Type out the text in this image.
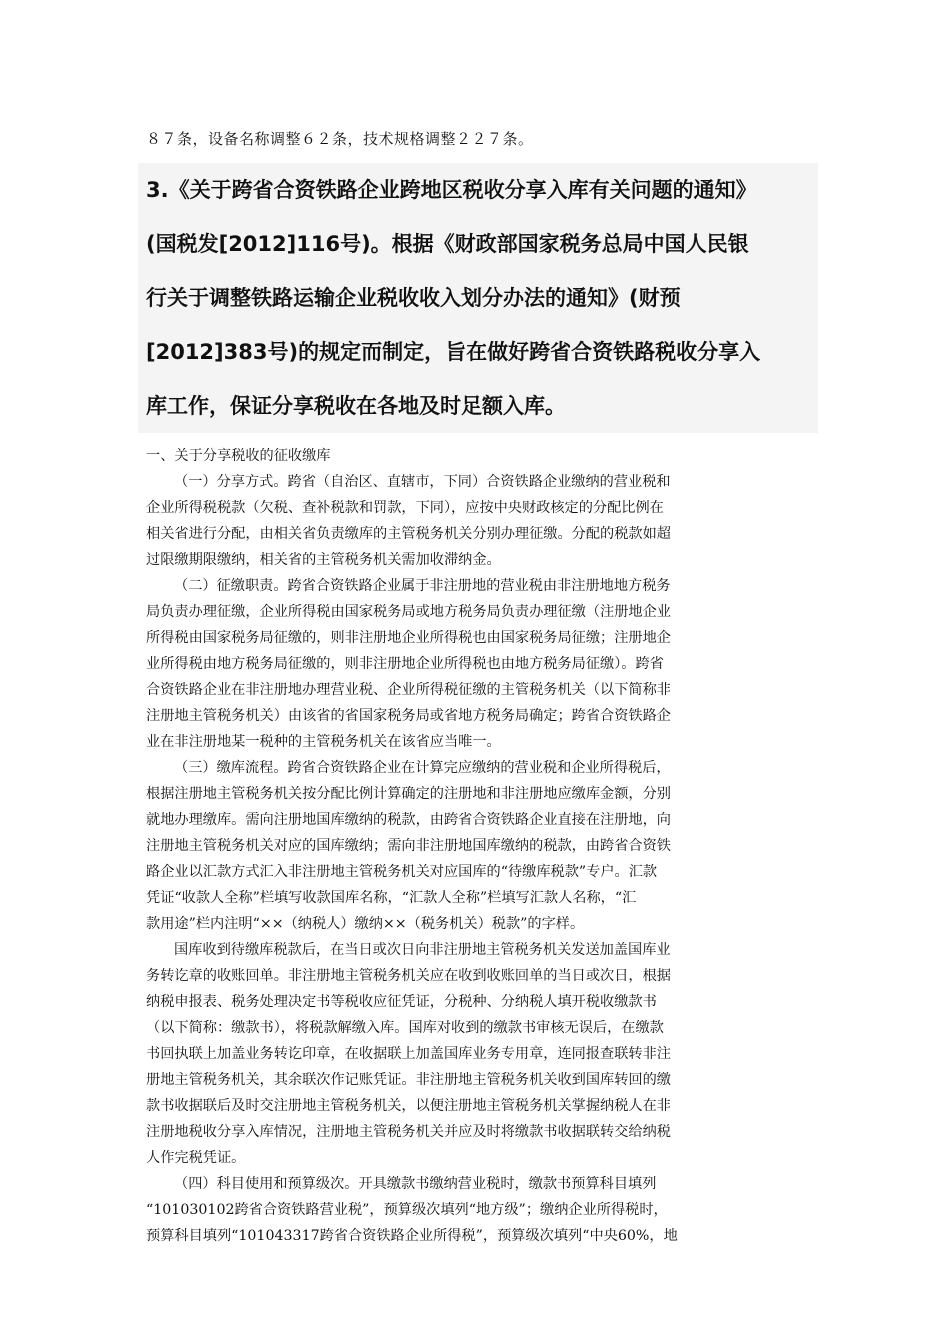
８７条，设备名称调整６２条，技术规格调整２２７条。
3.《关于跨省合资铁路企业跨地区税收分享入库有关问题的通知》
(国税发[2012]116号)。根据《财政部国家税务总局中国人民银
行关于调整铁路运输企业税收收入划分办法的通知》(财预
[2012]383号)的规定而制定，旨在做好跨省合资铁路税收分享入
库工作，保证分享税收在各地及时足额入库。
一、关于分享税收的征收缴库
（一）分享方式。跨省（自治区、直辖市，下同）合资铁路企业缴纳的营业税和
企业所得税税款（欠税、查补税款和罚款，下同），应按中央财政核定的分配比例在
相关省进行分配，由相关省负责缴库的主管税务机关分别办理征缴。分配的税款如超
过限缴期限缴纳，相关省的主管税务机关需加收滞纳金。
（二）征缴职责。跨省合资铁路企业属于非注册地的营业税由非注册地地方税务
局负责办理征缴，企业所得税由国家税务局或地方税务局负责办理征缴（注册地企业
所得税由国家税务局征缴的，则非注册地企业所得税也由国家税务局征缴；注册地企
业所得税由地方税务局征缴的，则非注册地企业所得税也由地方税务局征缴）。跨省
合资铁路企业在非注册地办理营业税、企业所得税征缴的主管税务机关（以下简称非
注册地主管税务机关）由该省的省国家税务局或省地方税务局确定；跨省合资铁路企
业在非注册地某一税种的主管税务机关在该省应当唯一。
（三）缴库流程。跨省合资铁路企业在计算完应缴纳的营业税和企业所得税后，
根据注册地主管税务机关按分配比例计算确定的注册地和非注册地应缴库金额，分别
就地办理缴库。需向注册地国库缴纳的税款，由跨省合资铁路企业直接在注册地，向
注册地主管税务机关对应的国库缴纳；需向非注册地国库缴纳的税款，由跨省合资铁
路企业以汇款方式汇入非注册地主管税务机关对应国库的“待缴库税款”专户。汇款
凭证“收款人全称”栏填写收款国库名称，“汇款人全称”栏填写汇款人名称，“汇
款用途”栏内注明“××（纳税人）缴纳××（税务机关）税款”的字样。
国库收到待缴库税款后，在当日或次日向非注册地主管税务机关发送加盖国库业
务转讫章的收账回单。非注册地主管税务机关应在收到收账回单的当日或次日，根据
纳税申报表、税务处理决定书等税收应征凭证，分税种、分纳税人填开税收缴款书
（以下简称：缴款书），将税款解缴入库。国库对收到的缴款书审核无误后，在缴款
书回执联上加盖业务转讫印章，在收据联上加盖国库业务专用章，连同报查联转非注
册地主管税务机关，其余联次作记账凭证。非注册地主管税务机关收到国库转回的缴
款书收据联后及时交注册地主管税务机关，以便注册地主管税务机关掌握纳税人在非
注册地税收分享入库情况，注册地主管税务机关并应及时将缴款书收据联转交给纳税
人作完税凭证。
（四）科目使用和预算级次。开具缴款书缴纳营业税时，缴款书预算科目填列
“101030102跨省合资铁路营业税”，预算级次填列“地方级”；缴纳企业所得税时，
预算科目填列“101043317跨省合资铁路企业所得税”，预算级次填列“中央60%，地
